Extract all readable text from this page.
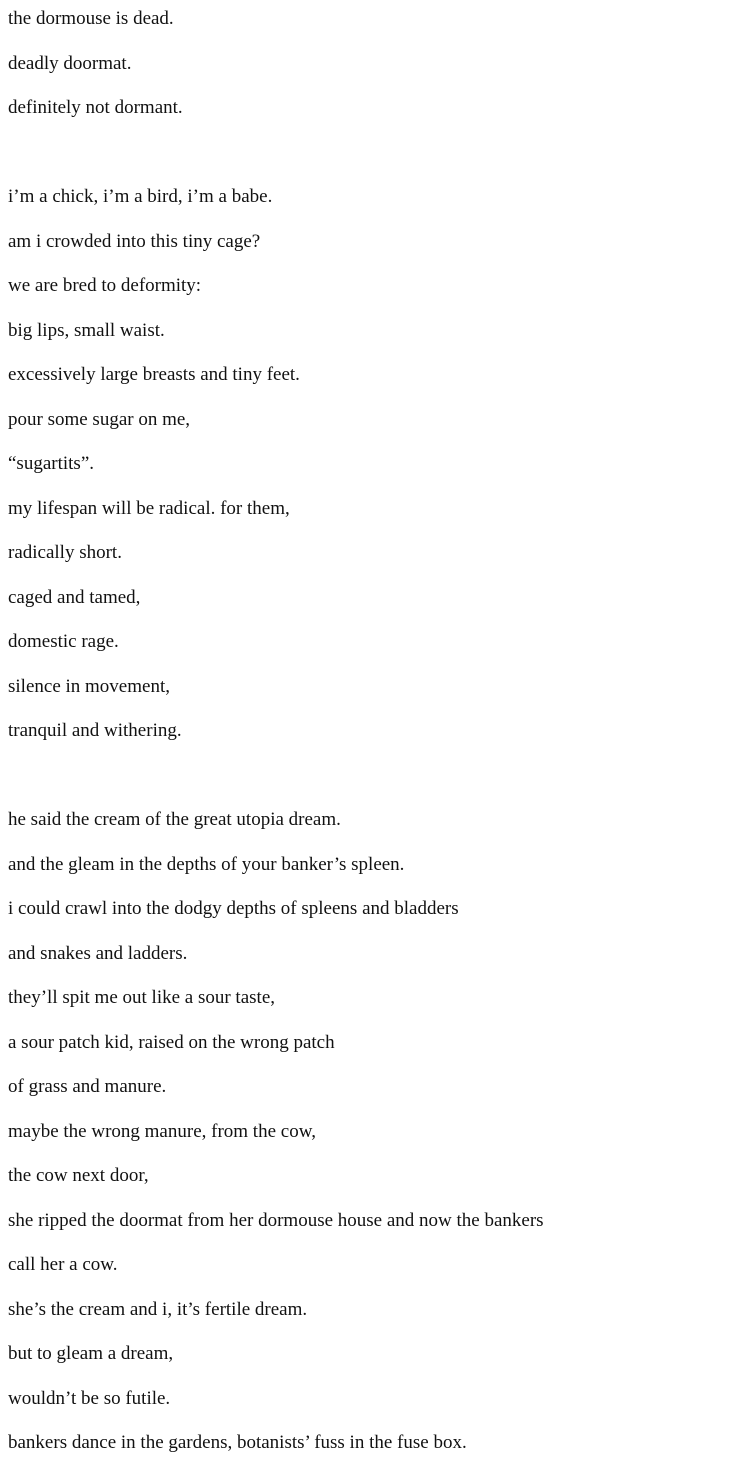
the dormouse is dead.
deadly doormat.
definitely not dormant.
i’m a chick, i’m a bird, i’m a babe.
am i crowded into this tiny cage?
we are bred to deformity:
big lips, small waist.
excessively large breasts and tiny feet.
pour some sugar on me,
“sugartits”.
my lifespan will be radical. for them,
radically short.
caged and tamed,
domestic rage.
silence in movement,
tranquil and withering.
he said the cream of the great utopia dream.
and the gleam in the depths of your banker’s spleen.
i could crawl into the dodgy depths of spleens and bladders
and snakes and ladders.
they’ll spit me out like a sour taste,
a sour patch kid, raised on the wrong patch
of grass and manure.
maybe the wrong manure, from the cow,
the cow next door,
she ripped the doormat from her dormouse house and now the bankers
call her a cow.
she’s the cream and i, it’s fertile dream.
but to gleam a dream,
wouldn’t be so futile.
bankers dance in the gardens, botanists’ fuss in the fuse box.
